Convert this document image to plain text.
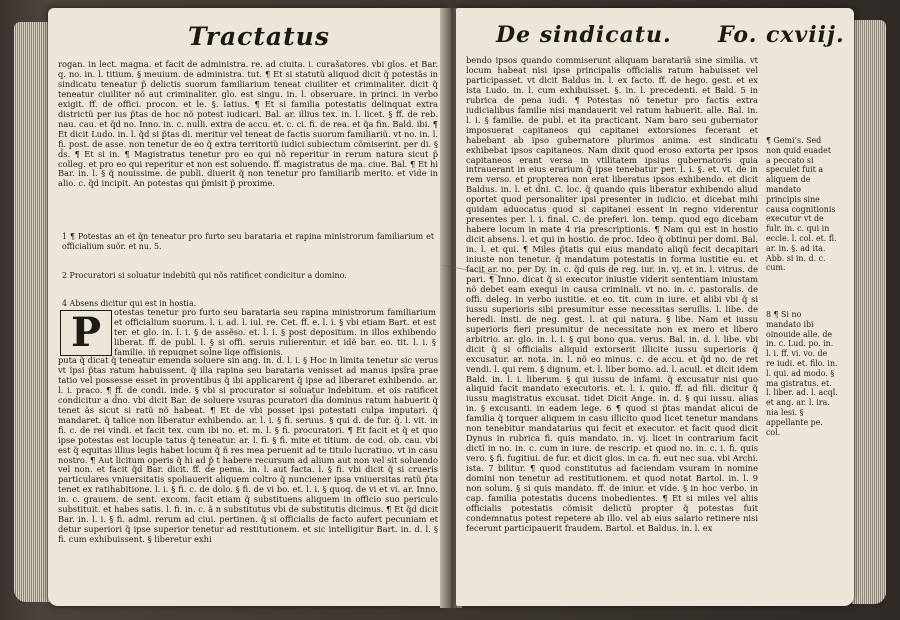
Tractatus
rogan. in lect. magna. et facit de administra. re. ad ciuita. i. curašatores. vbi glos. et Bar. q. no. in. l. titium. § meuium. de administra. tut. ¶ Et si statutũ aliquod dicit q̃ potestãs in sindicatu teneatur p̃ delictis suorum familiarium teneat ciuiliter et criminaliter. dicit q̃ teneatur ciuiliter nõ aut criminaliter. glo. est singu. in. l. obseruare. in princi. in verbo exigit. ff. de offici. procon. et le. §. latius. ¶ Et si familia potestatis delinquat extra districtũ per ius p̃tas de hoc nõ potest iudicari. Bal. ar. illius tex. in. l. licet. § ff. de reb. nau. cau. et q̃d no. Inno. in. c. nulli. extra de accu. et. c. ci. fi. de rea. et q̃a fin. Bald. ibi. ¶ Et dicit Ludo. in. l. q̃d si p̃tas di. meritur vel teneat de factis suorum familiariũ. vt no. in. l. fi. post. de asse. non tenetur de eo q̃ extra territoriũ iudici subiectum cõmiserint. per di. § d̃s. ¶ Et si in. ¶ Magistratus tenetur pro eo qui nõ reperitur in rerum natura sicut p̃ colleg. et pro eo qui reperitur et non est soluendo. ff. magistratus de ma. ciue. Bal. ¶ Et hi Bar. in. l. § q̃ nouissime. de publi. diuerit q̃ non tenetur pro familiarib̓ merito. et vide in alio. c. q̃d incipit. An potestas qui p̃misit p̃ proxime.

1 ¶ Potestas an et q̃n teneatur pro furto seu barataria et rapina ministrorum familiarium et officialium suõr. et nu. 5.

2 Procuratori si soluatur indebitũ qui nõs ratificet condicitur a domino.

4 Absens dicitur qui est in hostia.

P	otestas tenetur pro furto seu barataria seu rapina ministrorum familiarium et officialium suorum. l. i. ad. l. iul. re. Cet. ff. e. l. i. § vbi etiam Bart. et est ter. et glo. in. l. i. § de assẽso. et. l. i. § post depositum. in illos exhibendo liberat. ff. de publ. l. § si offi. seruis rulierentur. et idẽ bar. eo. tit. l. i. § familie. iñ repugnet sol̃ne lige offisionis.
puta q̃ dicat q̃ teneatur emenda soluere sin ang. in. d. l. i. § Hoc in limita tenetur sic verus vt ĩpsi p̃tas ratum habuissent. q̃ illa rapina seu barataria venisset ad manus ipsĩra prae tatio vel possesse esset in proventibus q̃ ibi applicarent q̃ ipse ad liberaret exhibendo. ar. l. i. praco. ¶ ff. de condi. inde. § vbi si procurator si soluatur indebitum. et ois ratificet condicitur a d̃no. vbi dicit Bar. de soluere vsuras pcuratori d̃ia dominus ratum habuerit q̃ tenet ãs sicut si ratũ nõ habeat. ¶ Et de vbi posset ipsi potestati culpa imputari. q̃ mandaret. q̃ talice non liberatur exhibendo. ar. l. i. § fi. seruus. § qui d. de fur. q̃. l. vit. in fi. c. de rei vindi. et facit tex. cum ibi no. et. m. l. § fi. procuratori. ¶ Et facit et q̃ et quo ipse potestas est locuple tatus q̃ teneatur. ar. l. fi. § fi. mite et titium. de cod. ob. cau. vbi est q̃ equitas illius legis habet locum q̃ ñ res mea peruenit ad te titulo lucratiuo. vt in casu nostro. ¶ Aut licitum operis q̃ hi ad p̃ t habere recursum ad alium aut non vel sit soluendo vel non. et facit q̃d Bar. dicit. ff. de pema. in. l. aut facta. l. § fi. vbi dicit q̃ si crueris particulares vniuersitatis spoliauerit aliquem coltro q̃ nunciener ipsa vniuersitas ratũ p̃ta tenet ex ratihabitione. l. i. § fi. c. de dolo. § fi. de vi bo. et. l. i. § quoq. de vi et vi. ar. Inno. in. c. grauem. de sent. excom. facit etiam q̃ substituens aliquem in officio suo periculo substituit. et habes satis. l. fi. in. c. ã n substitutus vbi de substitutis dicimus. ¶ Et q̃d dicit Bar. in. l. i. § fi. admi. rerum ad ciui. pertinen. q̃ si officialis de facto aufert pecuniam et detur superiori q̃ ipse superior tenetur ad restitutionem. et sic intelligitur Bart. in. d. l. § fi. cum exhibuissent. § liberetur exhi
De sindicatu. Fo. cxviij.
bendo ipsos quando commiserunt aliquam baratariã sine similia. vt locum habeat nisi ipse principalis officialis ratum habuisset vel participasset. vt dicit Baldus in. l. ex facto. ff. de hego. gest. et ex ista Ludo. in. l. cum exhibuisset. §. in. l. precedenti. et Bald. 5 in rubrica de pena iudi. ¶ Potestas nõ tenetur pro factis extra iudicialibus familie nisi mandauerit vel ratum habuerit. alle. Bal. in. l. i. § familie. de publ. et ita practicant. Nam baro seu gubernator imposuerat capitaneos qui capitanei extorsiones fecerant et habebant ab ipso gubernatore plurimos anima. est sindicatu exhibebat ipsos capitaneos. Nam dixit quod eroso extorta per ipsos capitaneos erant versa in vtilitatem ipsius gubernatoris quia intrauerant in eius erarium q̃ ipse tenebatur per. l. i. §. et. vt. de in rem verso. et propterea non erat liberatus ipsos exhibendo. et dicit Baldus. in. l. et d̃ni. C. loc. q̃ quando quis liberatur exhibendo aliud oportet quod personaliter ipsi presenter in iudicio. et dicebat mihi quidam aduocatus quod si capitanei essent in regno viderentur presentes per. l. i. final. C. de preferi. lon. temp. quod ego dicebam habere locum in mate 4 ria prescriptionis. ¶ Nam qui est in hostio dicit absens. l. et qui in hostio. de proc. Ideo q̃ obtinui per domi. Bal. in. l. et qui. ¶ Miles p̃tatis qui eius mandato aliqũ fecit decapitari iniuste non tenetur. q̃ mandatum potestatis in forma iustitie eu. et facit ar. no. per Dy. in. c. q̃d quis de reg. iur. in. vj. et in. l. vitrus. de pari. ¶ Inno. dicat q̃ si executor iniustie viderit sententiam iniustam nõ debet eam exequi in causa criminali. vt no. in. c. pastoralis. de offi. deleg. in verbo iustitie. et eo. tit. cum in iure. et alibi vbi q̃ si iussu superioris sibi presumitur esse necessitas seruilis. l. libe. de heredi. insti. de neg. gest. l. at qui natura. § libe. Nam et iussu superioris fieri presumitur de necessitate non ex mero et libero arbitrio. ar. glo. in. l. i. § qui bono qua. verus. Bal. in. d. l. libe. vbi dicit q̃ si officialis aliquid extorserit illicite iussu superioris q̃ excusatur. ar. nota. in. l. nõ eo minus. c. de accu. et q̃d no. de ret vendi. l. qui rem. § dignum. et. l. liber bomo. ad. l. acuil. et dicit idem Bald. in. l. i. liberum. § qui iussu de infami. q̃ excusatur nisi quo aliquid facit mandato executoris. et. l. i. quio. ff. ad fili. dicitur q̃ iussu magistratus excusat. tidet Dicit Ange. in. d. § qui iussu. alias in. § excusanti. in eadem lege. 6 ¶ quod si p̃tas mandat alicui de familia q̃ torquer aliquem in casu illicito quod licet tenetur mandans non tenebitur mandatarius qui fecit et executor. et facit quod dicit Dynus in rubrica fi. quis mandato. in. vj. licet in contrarium facit dictĩ in no. in. c. cum in iure. de rescrip. et quod no. in. c. i. fi. quis vero. § fi. fugitiui. de fur. et dicit glos. in ca. fi. eut nec sua. vbi Archi. ista. 7 bilitur. ¶ quod constitutus ad faciendam vsuram in nomine domini non tenetur ad restitutionem. et quod notat Bartol. in. l. 9 non solum. § si quis mandato. ff. de iniur. et vide. § in hoc verbo. in cap. familia potestatis ducens inobedientes. ¶ Et si miles vel aliis officialis potestatis cõmisit delictũ propter q̃ potestas fuit condemnatus potest repetere ab illo. vel ab eius salario retinere nisi fecerunt participauerit fraudem. Bartol. et Baldus. in. l. ex
¶ Gemi’s. Sed non quid euadet a peccato si speculet fuit a aliquem de mandato principis sine causa cognitionis executur vt de fulr. in. c. qui in eccle. l. col. et. fl. ar. in. §. ad ita. Abb. si in. d. c. cum.
8 ¶ Si no mandato ibi oinouide alle. de in. c. Lud. po. in. l. i. ff. vi. vo. de re iudi. et. filo. in. l. qui. ad modo. § ma gistratus. et. l. liber. ad. l. acql. et ang. ar. l. ira. nia lesi. § appellante pe. col.
